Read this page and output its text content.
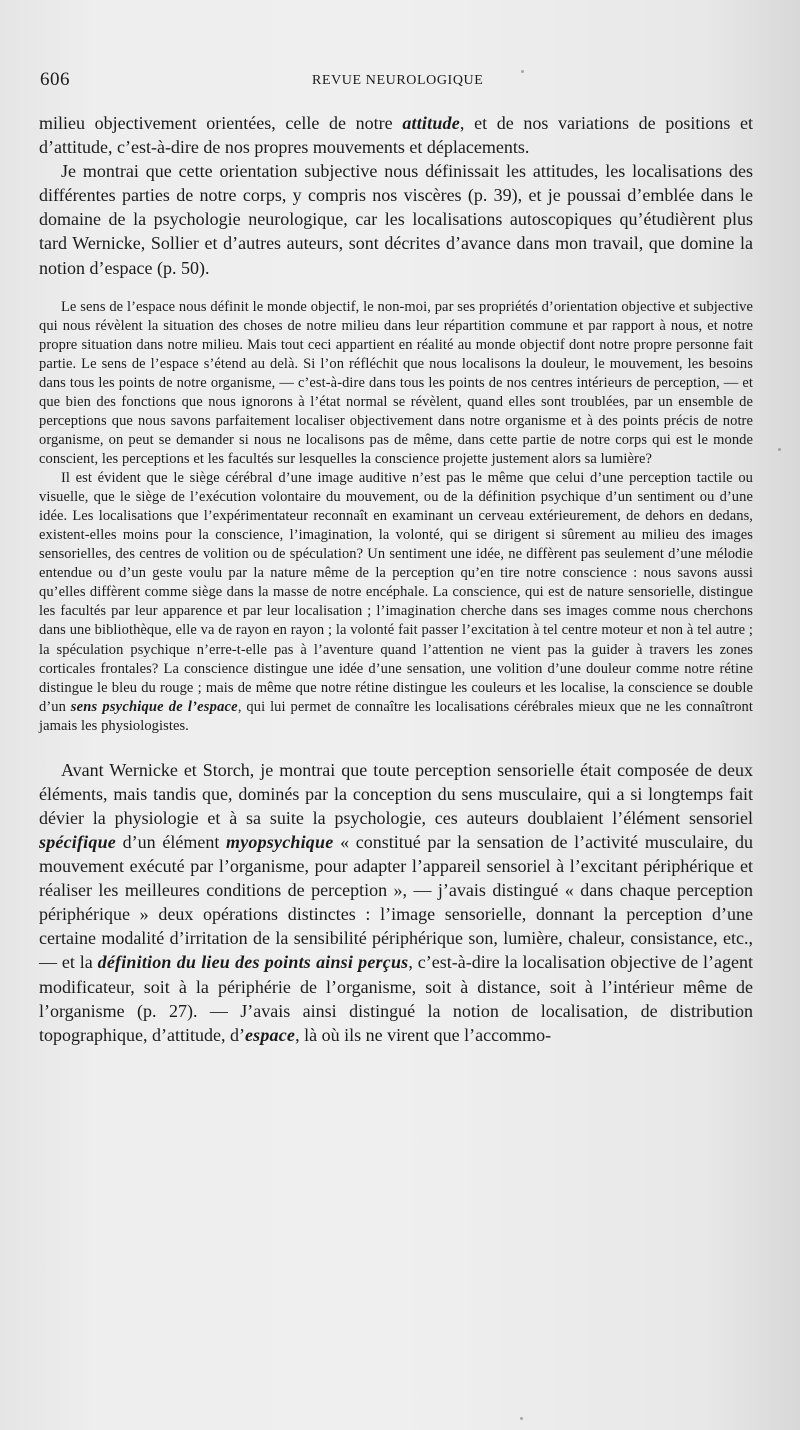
606	REVUE NEUROLOGIQUE

milieu objectivement orientées, celle de notre attitude, et de nos variations de positions et d’attitude, c’est-à-dire de nos propres mouvements et déplacements.

Je montrai que cette orientation subjective nous définissait les attitudes, les localisations des différentes parties de notre corps, y compris nos viscères (p. 39), et je poussai d’emblée dans le domaine de la psychologie neurologique, car les localisations autoscopiques qu’étudièrent plus tard Wernicke, Sollier et d’autres auteurs, sont décrites d’avance dans mon travail, que domine la notion d’espace (p. 50).

Le sens de l’espace nous définit le monde objectif, le non-moi, par ses propriétés d’orientation objective et subjective qui nous révèlent la situation des choses de notre milieu dans leur répartition commune et par rapport à nous, et notre propre situation dans notre milieu. Mais tout ceci appartient en réalité au monde objectif dont notre propre personne fait partie. Le sens de l’espace s’étend au delà. Si l’on réfléchit que nous localisons la douleur, le mouvement, les besoins dans tous les points de notre organisme, — c’est-à-dire dans tous les points de nos centres intérieurs de perception, — et que bien des fonctions que nous ignorons à l’état normal se révèlent, quand elles sont troublées, par un ensemble de perceptions que nous savons parfaitement localiser objectivement dans notre organisme et à des points précis de notre organisme, on peut se demander si nous ne localisons pas de même, dans cette partie de notre corps qui est le monde conscient, les perceptions et les facultés sur lesquelles la conscience projette justement alors sa lumière?

Il est évident que le siège cérébral d’une image auditive n’est pas le même que celui d’une perception tactile ou visuelle, que le siège de l’exécution volontaire du mouvement, ou de la définition psychique d’un sentiment ou d’une idée. Les localisations que l’expérimentateur reconnaît en examinant un cerveau extérieurement, de dehors en dedans, existent-elles moins pour la conscience, l’imagination, la volonté, qui se dirigent si sûrement au milieu des images sensorielles, des centres de volition ou de spéculation? Un sentiment une idée, ne diffèrent pas seulement d’une mélodie entendue ou d’un geste voulu par la nature même de la perception qu’en tire notre conscience : nous savons aussi qu’elles diffèrent comme siège dans la masse de notre encéphale. La conscience, qui est de nature sensorielle, distingue les facultés par leur apparence et par leur localisation ; l’imagination cherche dans ses images comme nous cherchons dans une bibliothèque, elle va de rayon en rayon ; la volonté fait passer l’excitation à tel centre moteur et non à tel autre ; la spéculation psychique n’erre-t-elle pas à l’aventure quand l’attention ne vient pas la guider à travers les zones corticales frontales? La conscience distingue une idée d’une sensation, une volition d’une douleur comme notre rétine distingue le bleu du rouge ; mais de même que notre rétine distingue les couleurs et les localise, la conscience se double d’un sens psychique de l’espace, qui lui permet de connaître les localisations cérébrales mieux que ne les connaîtront jamais les physiologistes.

Avant Wernicke et Storch, je montrai que toute perception sensorielle était composée de deux éléments, mais tandis que, dominés par la conception du sens musculaire, qui a si longtemps fait dévier la physiologie et à sa suite la psychologie, ces auteurs doublaient l’élément sensoriel spécifique d’un élément myopsychique « constitué par la sensation de l’activité musculaire, du mouvement exécuté par l’organisme, pour adapter l’appareil sensoriel à l’excitant périphérique et réaliser les meilleures conditions de perception », — j’avais distingué « dans chaque perception périphérique » deux opérations distinctes : l’image sensorielle, donnant la perception d’une certaine modalité d’irritation de la sensibilité périphérique son, lumière, chaleur, consistance, etc., — et la définition du lieu des points ainsi perçus, c’est-à-dire la localisation objective de l’agent modificateur, soit à la périphérie de l’organisme, soit à distance, soit à l’intérieur même de l’organisme (p. 27). — J’avais ainsi distingué la notion de localisation, de distribution topographique, d’attitude, d’espace, là où ils ne virent que l’accommo-
